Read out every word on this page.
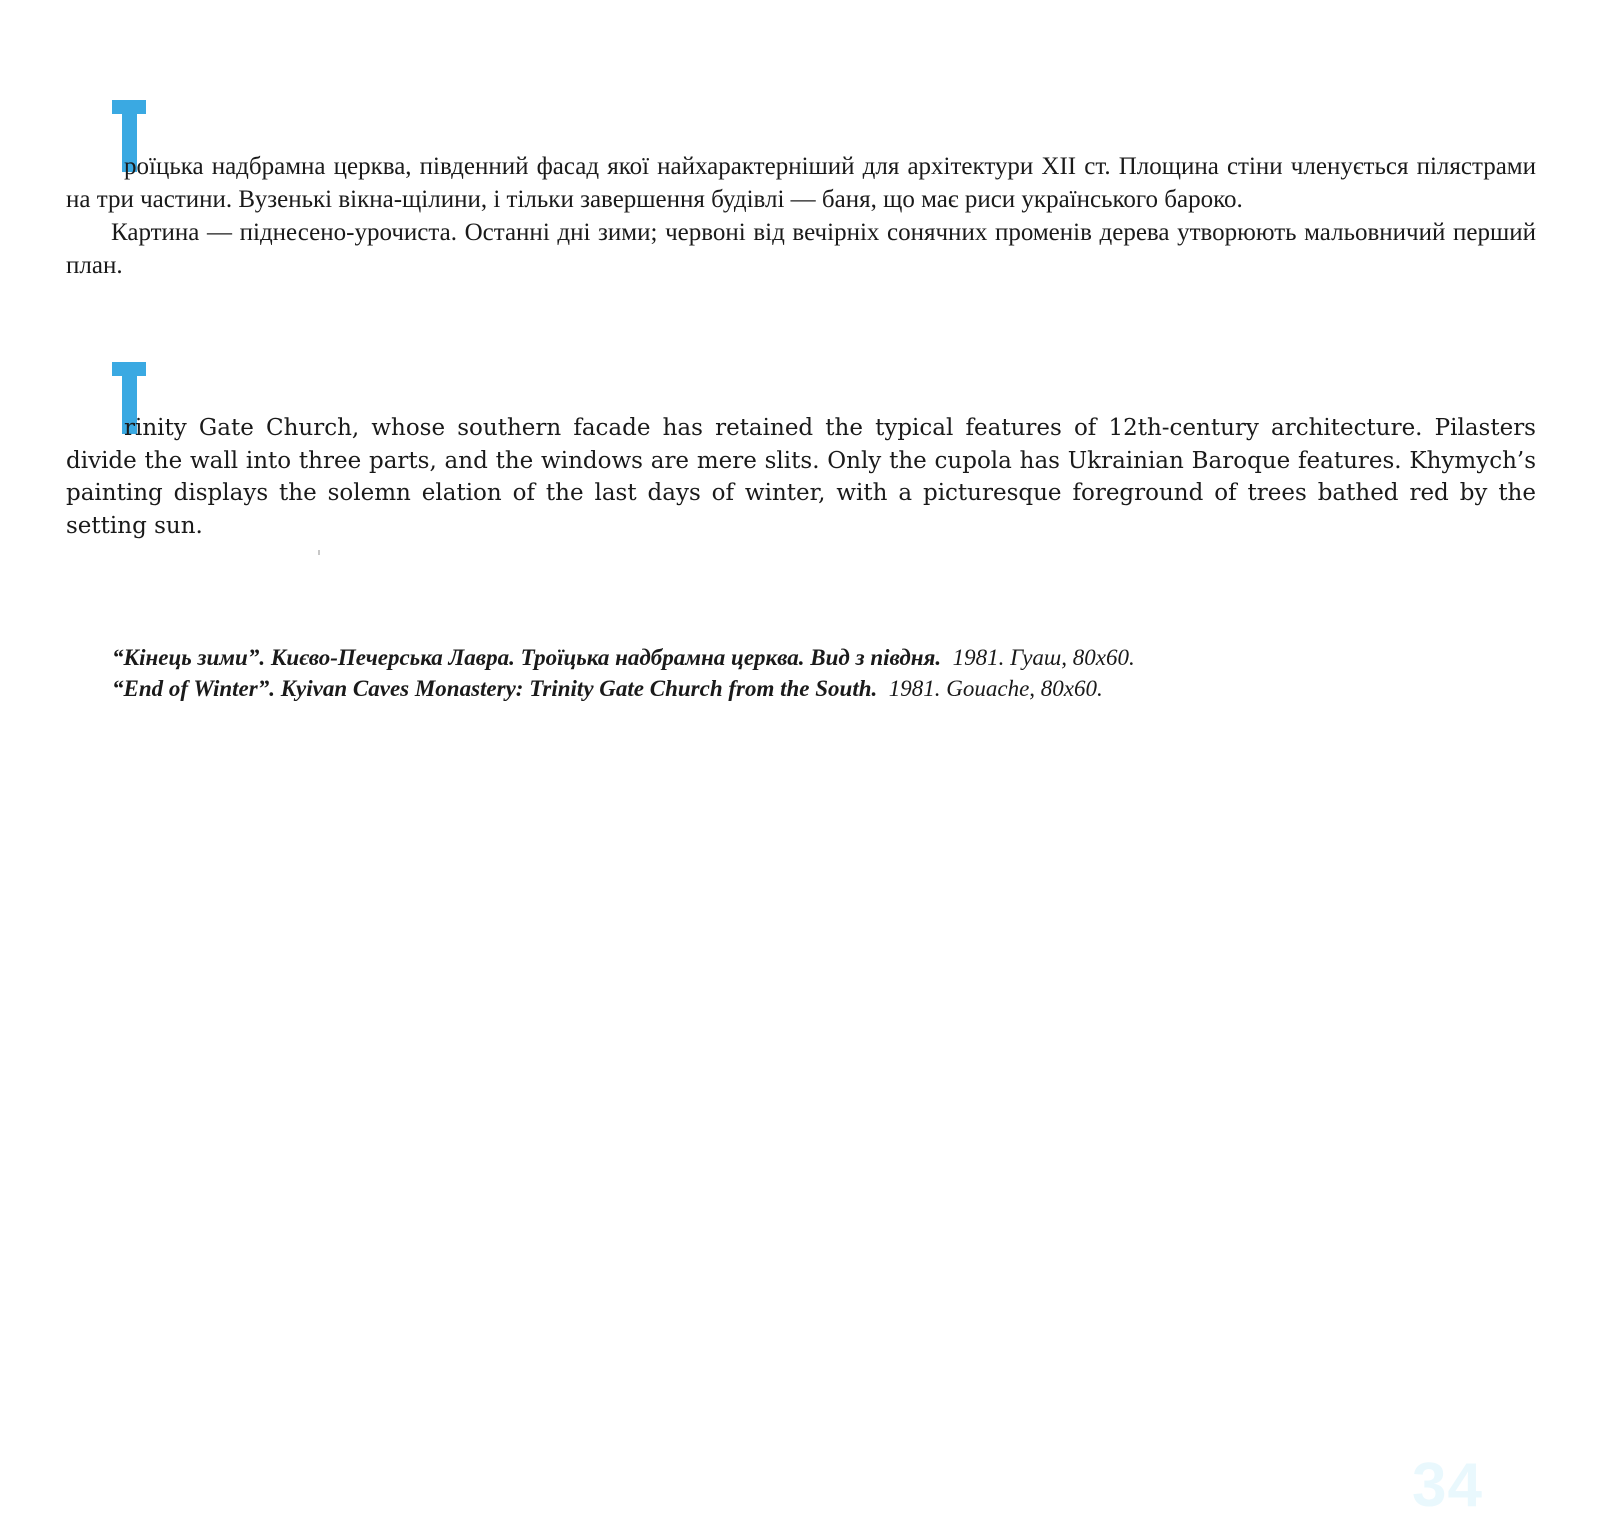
роїцька надбрамна церква, південний фасад якої найхарактерніший для архітектури XII ст. Площина стіни членується пілястрами на три частини. Вузенькі вікна-щілини, і тільки завершення будівлі — баня, що має риси українського бароко.

Картина — піднесено-урочиста. Останні дні зими; червоні від вечірніх сонячних променів дерева утворюють мальовничий перший план.

rinity Gate Church, whose southern facade has retained the typical features of 12th-century architecture. Pilasters divide the wall into three parts, and the windows are mere slits. Only the cupola has Ukrainian Baroque features. Khymych’s painting displays the solemn elation of the last days of winter, with a picturesque foreground of trees bathed red by the setting sun.

“Кінець зими”. Києво-Печерська Лавра. Троїцька надбрамна церква. Вид з півдня. 1981. Гуаш, 80x60.
“End of Winter”. Kyivan Caves Monastery: Trinity Gate Church from the South. 1981. Gouache, 80x60.
34
